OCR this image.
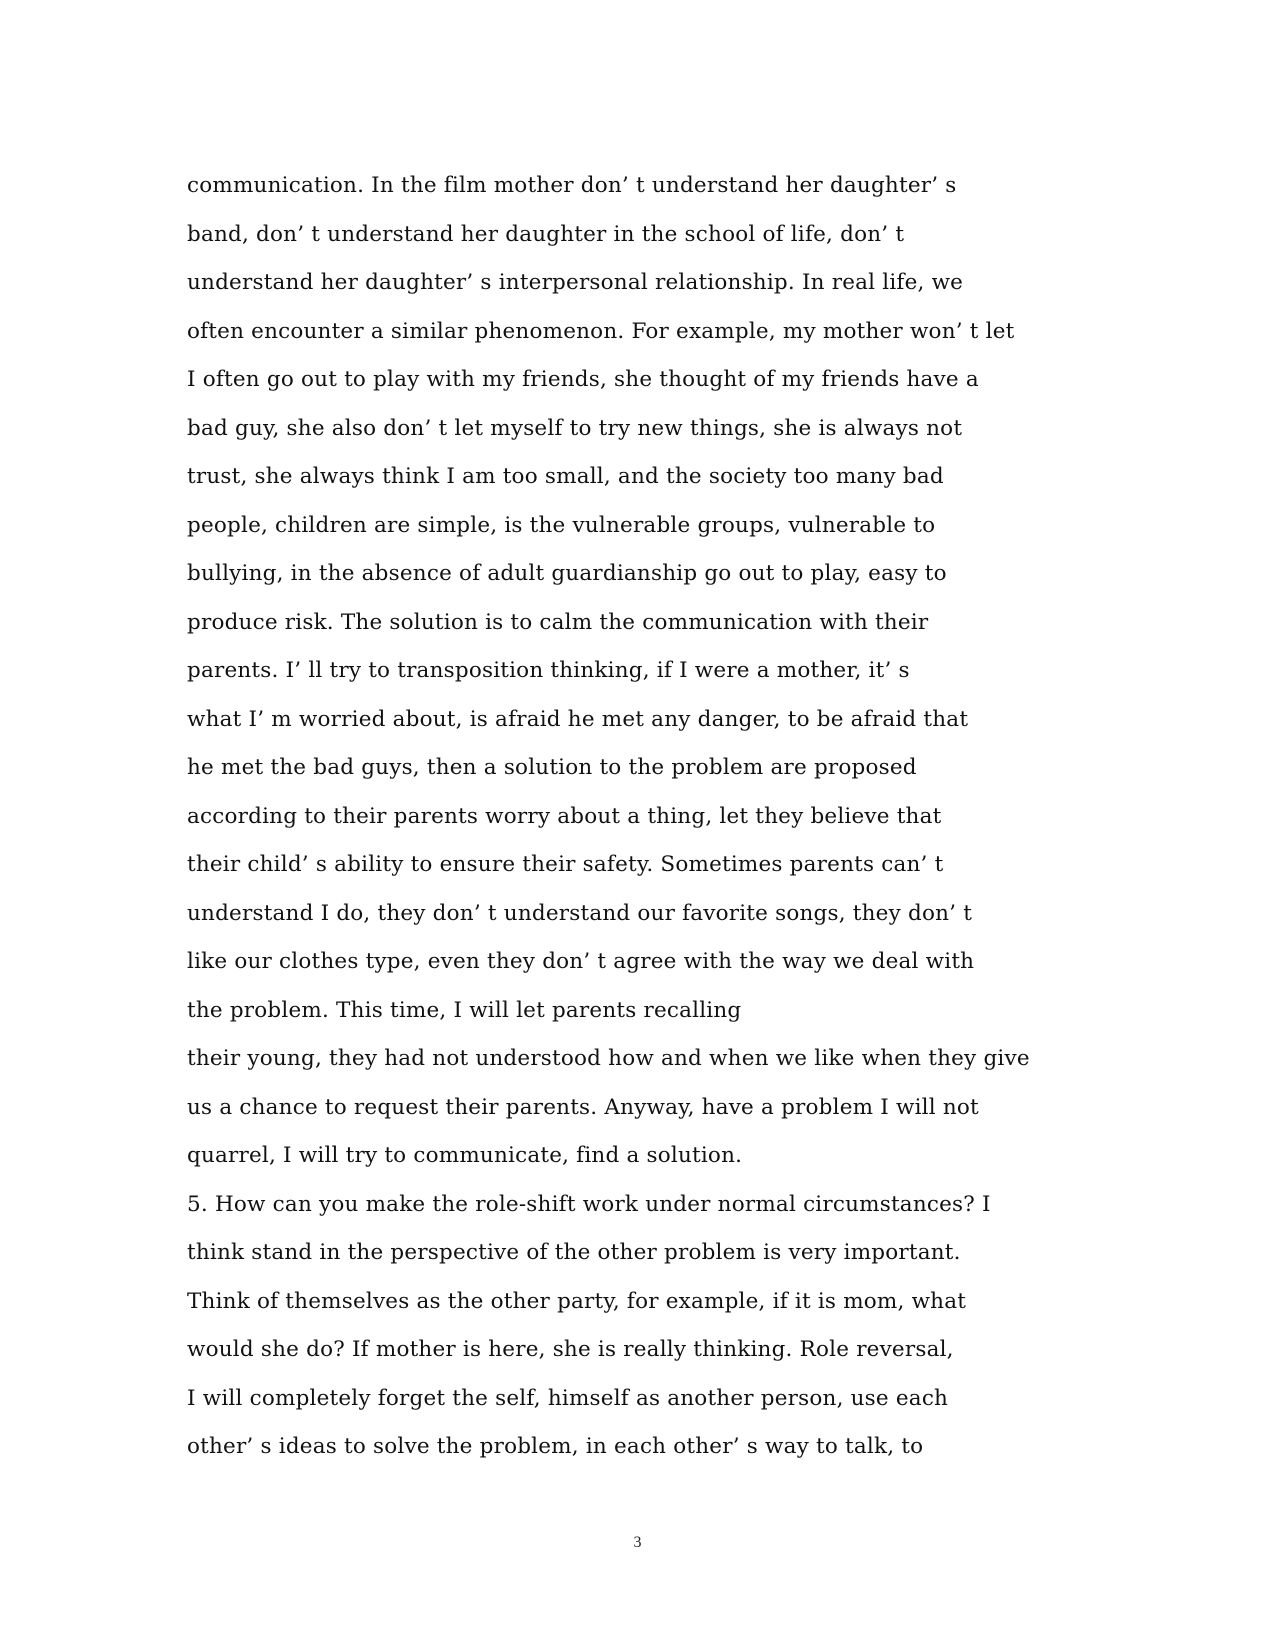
communication. In the film mother don’ t understand her daughter’ s
band, don’ t understand her daughter in the school of life, don’ t
understand her daughter’ s interpersonal relationship. In real life, we
often encounter a similar phenomenon. For example, my mother won’ t let
I often go out to play with my friends, she thought of my friends have a
bad guy, she also don’ t let myself to try new things, she is always not
trust, she always think I am too small, and the society too many bad
people, children are simple, is the vulnerable groups, vulnerable to
bullying, in the absence of adult guardianship go out to play, easy to
produce risk. The solution is to calm the communication with their
parents. I’ ll try to transposition thinking, if I were a mother, it’ s
what I’ m worried about, is afraid he met any danger, to be afraid that
he met the bad guys, then a solution to the problem are proposed
according to their parents worry about a thing, let they believe that
their child’ s ability to ensure their safety. Sometimes parents can’ t
understand I do, they don’ t understand our favorite songs, they don’ t
like our clothes type, even they don’ t agree with the way we deal with
the problem. This time, I will let parents recalling
their young, they had not understood how and when we like when they give
us a chance to request their parents. Anyway, have a problem I will not
quarrel, I will try to communicate, find a solution.
5. How can you make the role-shift work under normal circumstances? I
think stand in the perspective of the other problem is very important.
Think of themselves as the other party, for example, if it is mom, what
would she do? If mother is here, she is really thinking. Role reversal,
I will completely forget the self, himself as another person, use each
other’ s ideas to solve the problem, in each other’ s way to talk, to
3
